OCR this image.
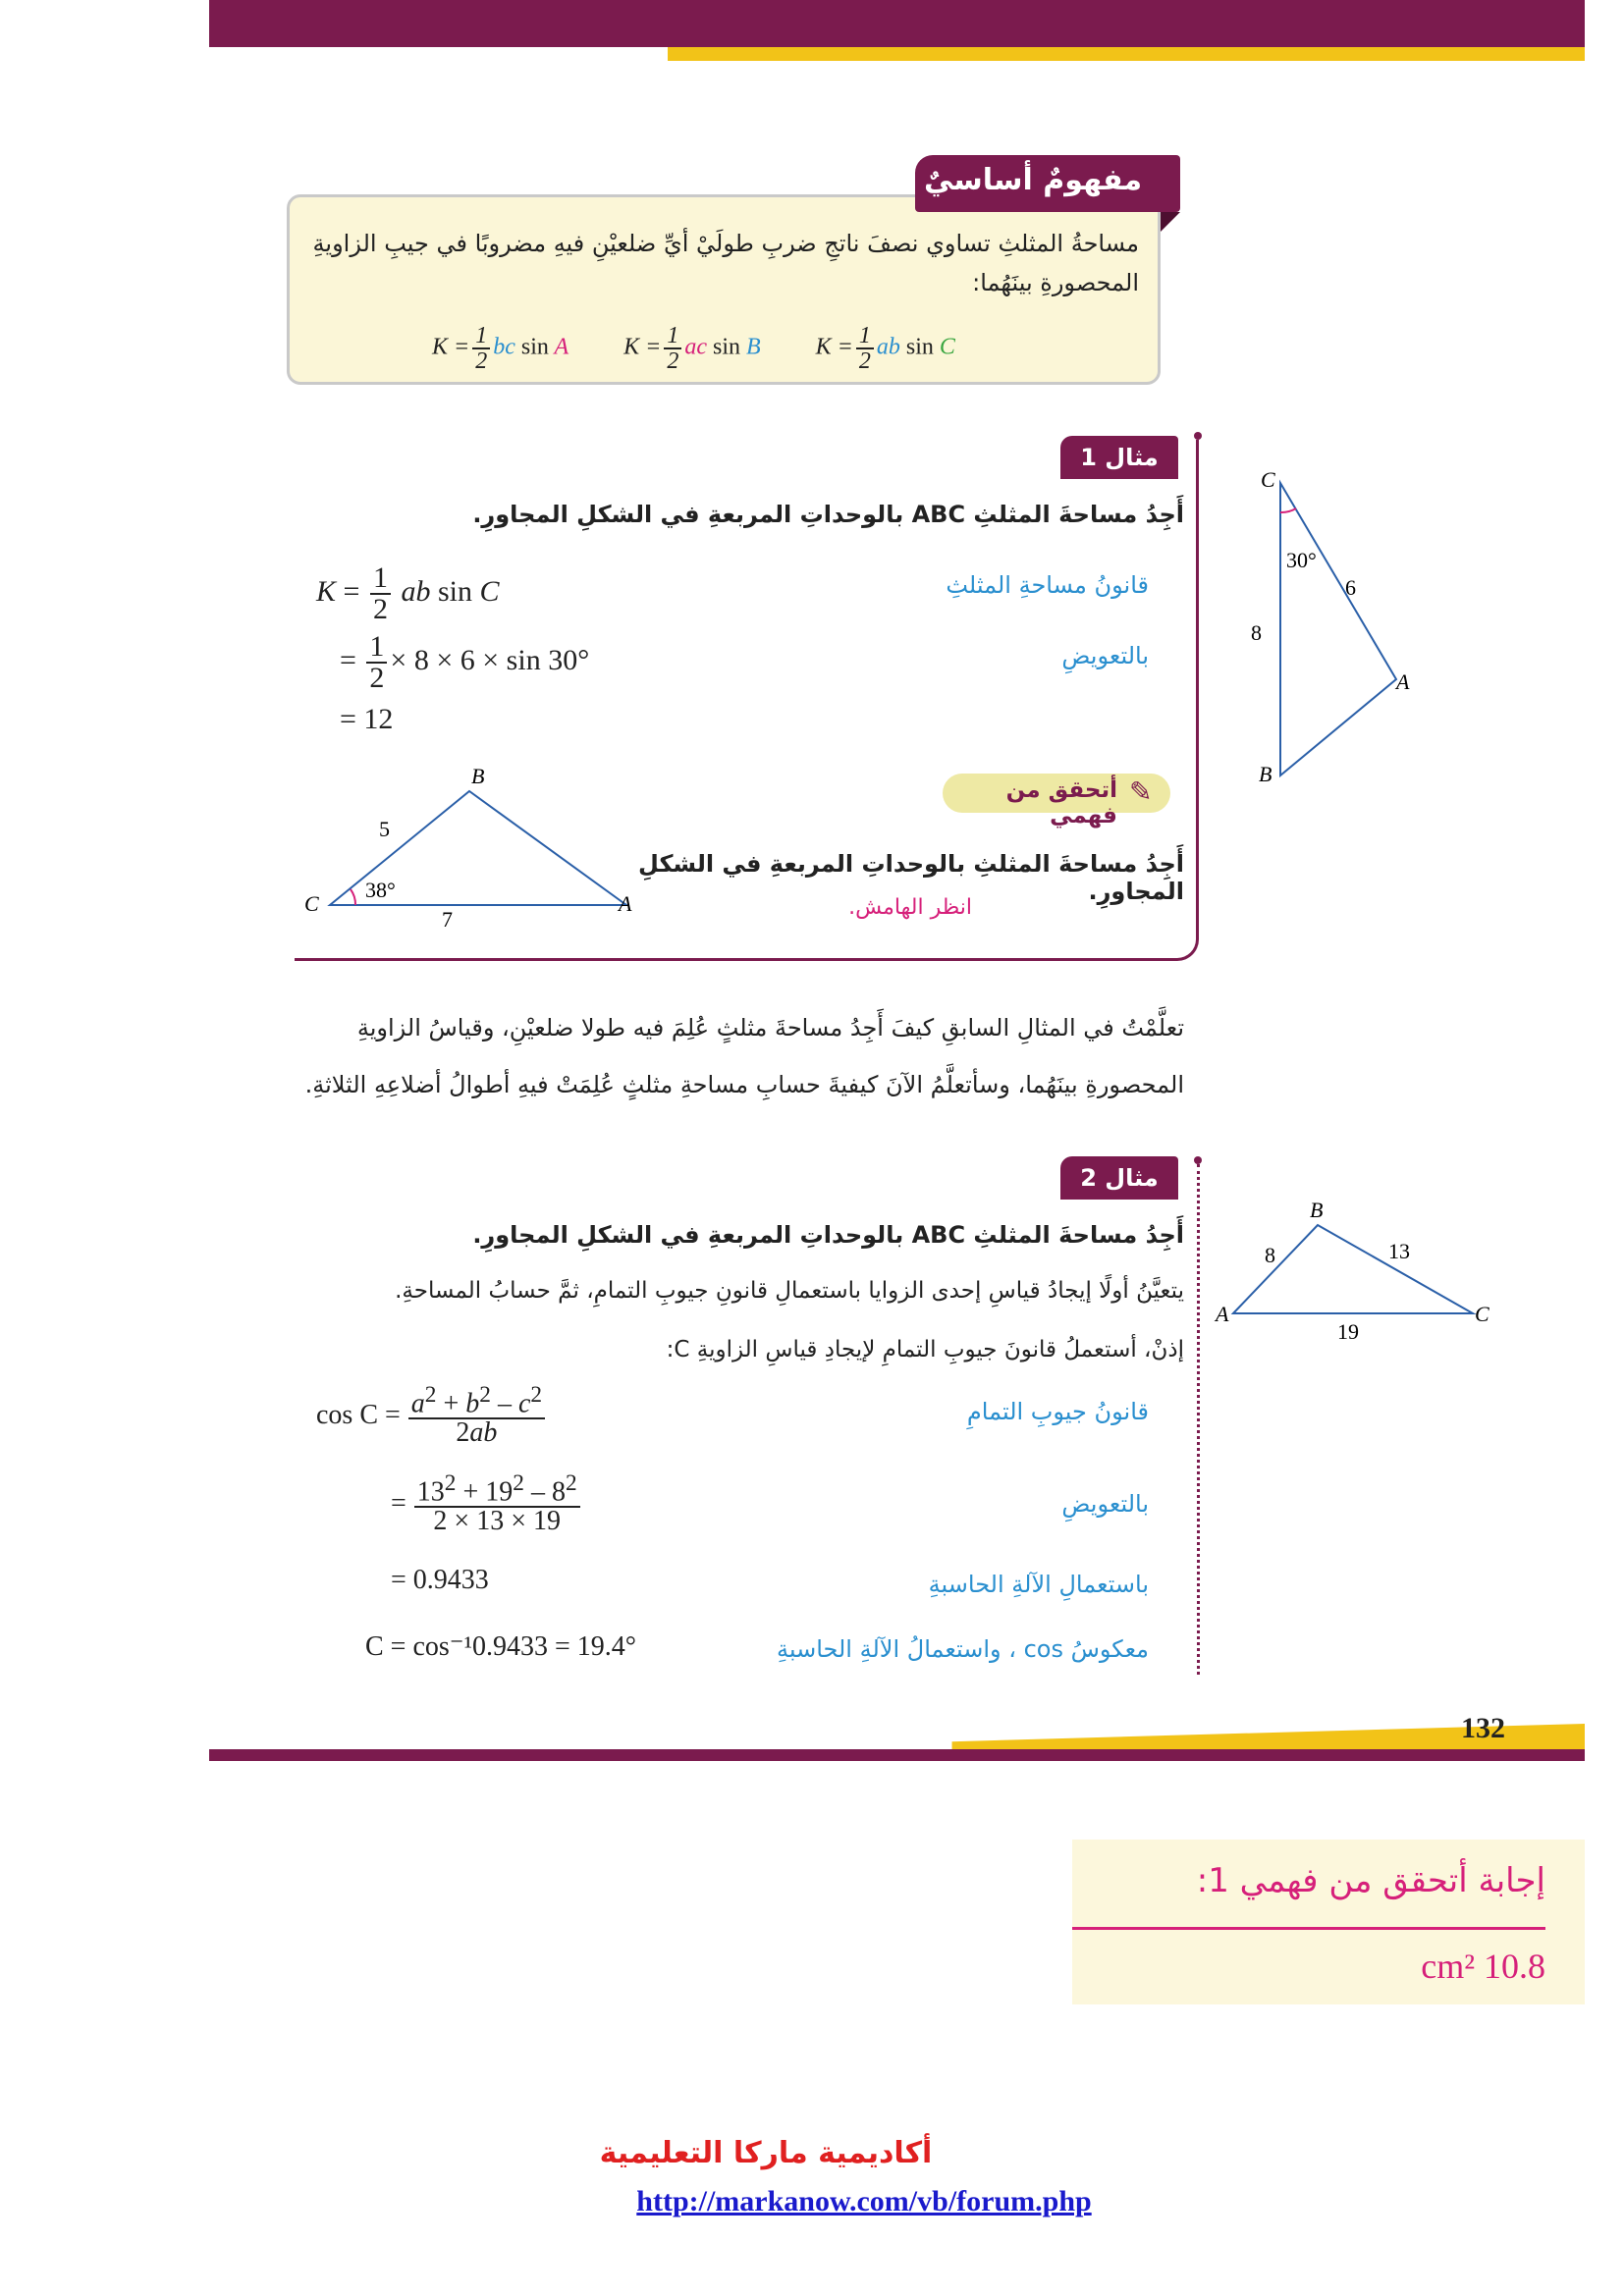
مفهومٌ أساسيٌ
مساحةُ المثلثِ تساوي نصفَ ناتجِ ضربِ طولَيْ أيِّ ضلعيْنِ فيهِ مضروبًا في جيبِ الزاويةِ
المحصورةِ بينَهُما:
$K = \frac{1}{2}$ bc sin A $K = \frac{1}{2}$ ac sin B $K = \frac{1}{2}$ ab sin C
مثال 1
أَجِدُ مساحةَ المثلثِ ABC بالوحداتِ المربعةِ في الشكلِ المجاورِ.
$K = \frac{1}{2}$ ab sin C	قانونُ مساحةِ المثلثِ
= $\frac{1}{2} \times 8 \times 6 \times \sin 30^\circ$	بالتعويضِ
= 12
أتحقق من فهمي
✎
أَجِدُ مساحةَ المثلثِ بالوحداتِ المربعةِ في الشكلِ المجاورِ.
انظر الهامش.
B
C	A
5
7
38°
C
B
A
30°
6
8
تعلَّمْتُ في المثالِ السابقِ كيفَ أَجِدُ مساحةَ مثلثٍ عُلِمَ فيه طولا ضلعيْنِ، وقياسُ الزاويةِ
المحصورةِ بينَهُما، وسأتعلَّمُ الآنَ كيفيةَ حسابِ مساحةِ مثلثٍ عُلِمَتْ فيهِ أطوالُ أضلاعِهِ الثلاثةِ.
مثال 2
أَجِدُ مساحةَ المثلثِ ABC بالوحداتِ المربعةِ في الشكلِ المجاورِ.
يتعيَّنُ أولًا إيجادُ قياسِ إحدى الزوايا باستعمالِ قانونِ جيوبِ التمامِ، ثمَّ حسابُ المساحةِ.
إذنْ، أستعملُ قانونَ جيوبِ التمامِ لإيجادِ قياسِ الزاويةِ C:
$\cos C = \frac{a^2 + b^2 - c^2}{2ab}$	قانونُ جيوبِ التمامِ
= $\frac{13^2 + 19^2 - 8^2}{2 \times 13 \times 19}$	بالتعويضِ
= 0.9433	باستعمالِ الآلةِ الحاسبةِ
C = cos⁻¹0.9433 = 19.4°	معكوسُ cos ، واستعمالُ الآلةِ الحاسبةِ
B
A	C
8	13
19
132
إجابة أتحقق من فهمي 1:
10.8 cm²
أكاديمية ماركا التعليمية
http://markanow.com/vb/forum.php
